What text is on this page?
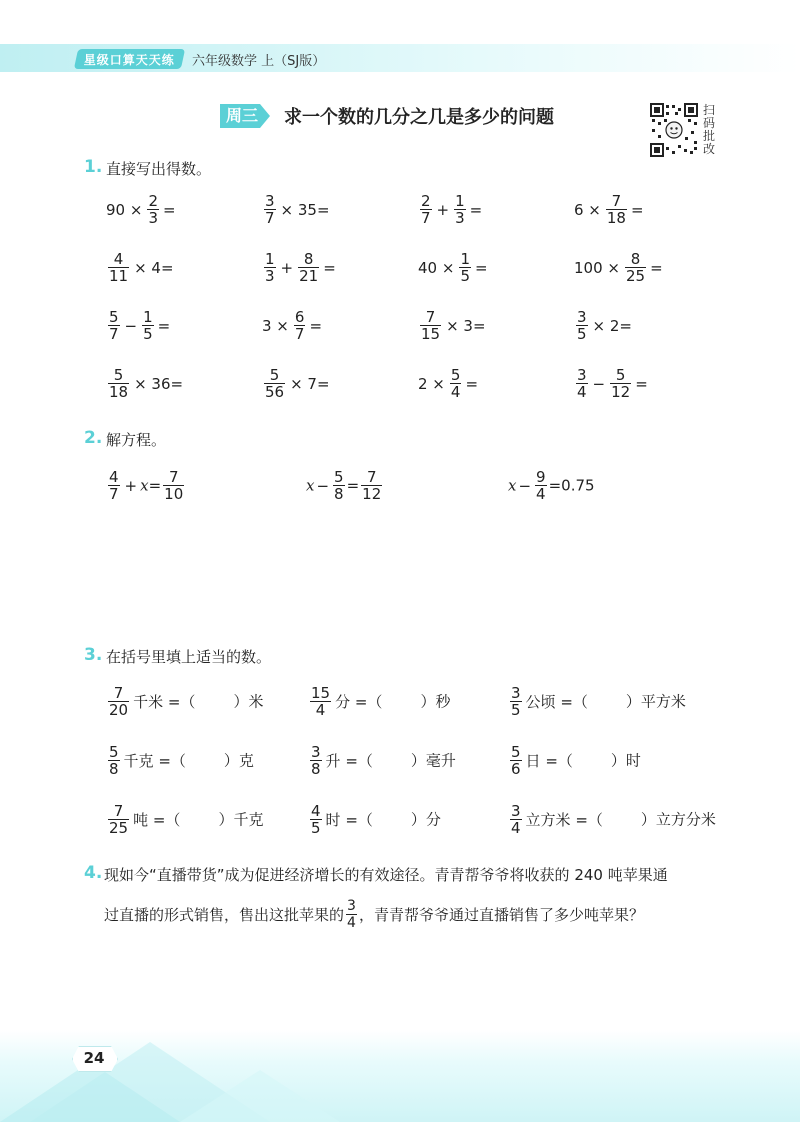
星级口算天天练	六年级数学 上（SJ版）
周三	求一个数的几分之几是多少的问题	扫码批改
1. 直接写出得数。
$90 \times \frac{2}{3}$ =	$\frac{3}{7} \times 35=$	$\frac{2}{7} + \frac{1}{3}$ =	$6 \times \frac{7}{18}$ =
$\frac{4}{11} \times 4=$	$\frac{1}{3} + \frac{8}{21}$ =	$40 \times \frac{1}{5}$ =	$100 \times \frac{8}{25}$ =
$\frac{5}{7} - \frac{1}{5}$ =	$3 \times \frac{6}{7}$ =	$\frac{7}{15} \times 3=$	$\frac{3}{5} \times 2=$
$\frac{5}{18} \times 36=$	$\frac{5}{56} \times 7=$	$2 \times \frac{5}{4}$ =	$\frac{3}{4} - \frac{5}{12}$ =
2. 解方程。
$\frac{4}{7} + x= \frac{7}{10}$	$x - \frac{5}{8} = \frac{7}{12}$	$x - \frac{9}{4} =0.75$
3. 在括号里填上适当的数。
$\frac{7}{20}$ 千米 =（	）米	$\frac{15}{4}$ 分 =（	）秒	$\frac{3}{5}$ 公顷 =（	）平方米
$\frac{5}{8}$ 千克 =（	）克	$\frac{3}{8}$ 升 =（	）毫升	$\frac{5}{6}$ 日 =（	）时
$\frac{7}{25}$ 吨 =（	）千克	$\frac{4}{5}$ 时 =（	）分	$\frac{3}{4}$ 立方米 =（	）立方分米
4. 现如今“直播带货”成为促进经济增长的有效途径。青青帮爷爷将收获的 240 吨苹果通
过直播的形式销售，售出这批苹果的 $\frac{3}{4}$ ，青青帮爷爷通过直播销售了多少吨苹果？
24
